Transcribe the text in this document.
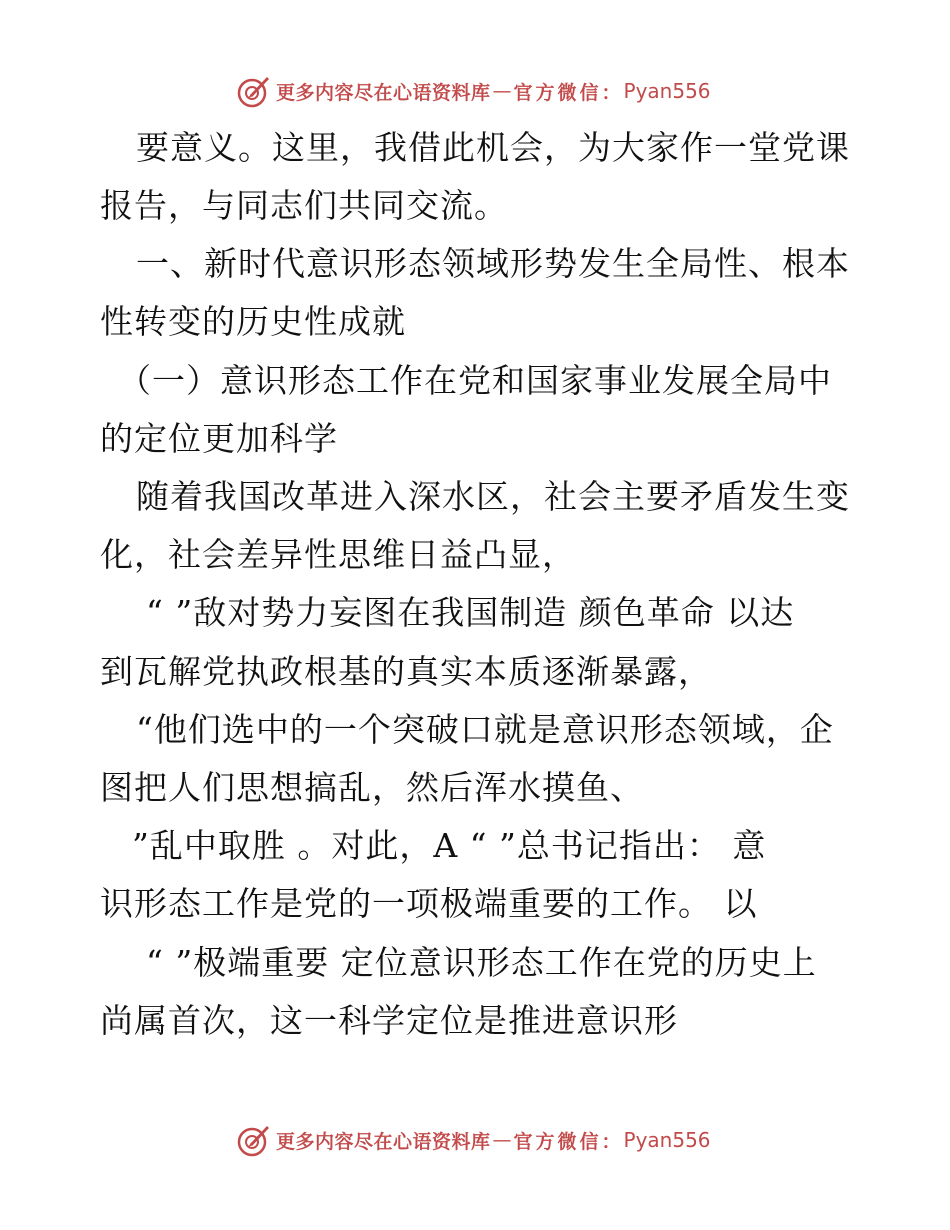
更多内容尽在心语资料库 — 官方微信： Pyan556
要意义。这里，我借此机会，为大家作一堂党课
报告，与同志们共同交流。
一、新时代意识形态领域形势发生全局性、根本
性转变的历史性成就
（一）意识形态工作在党和国家事业发展全局中
的定位更加科学
随着我国改革进入深水区，社会主要矛盾发生变
化，社会差异性思维日益凸显，
“ ”敌对势力妄图在我国制造 颜色革命 以达
到瓦解党执政根基的真实本质逐渐暴露，
“他们选中的一个突破口就是意识形态领域，企
图把人们思想搞乱，然后浑水摸鱼、
”乱中取胜 。对此，A “ ”总书记指出： 意
识形态工作是党的一项极端重要的工作。 以
“ ”极端重要 定位意识形态工作在党的历史上
尚属首次，这一科学定位是推进意识形
更多内容尽在心语资料库 — 官方微信： Pyan556
